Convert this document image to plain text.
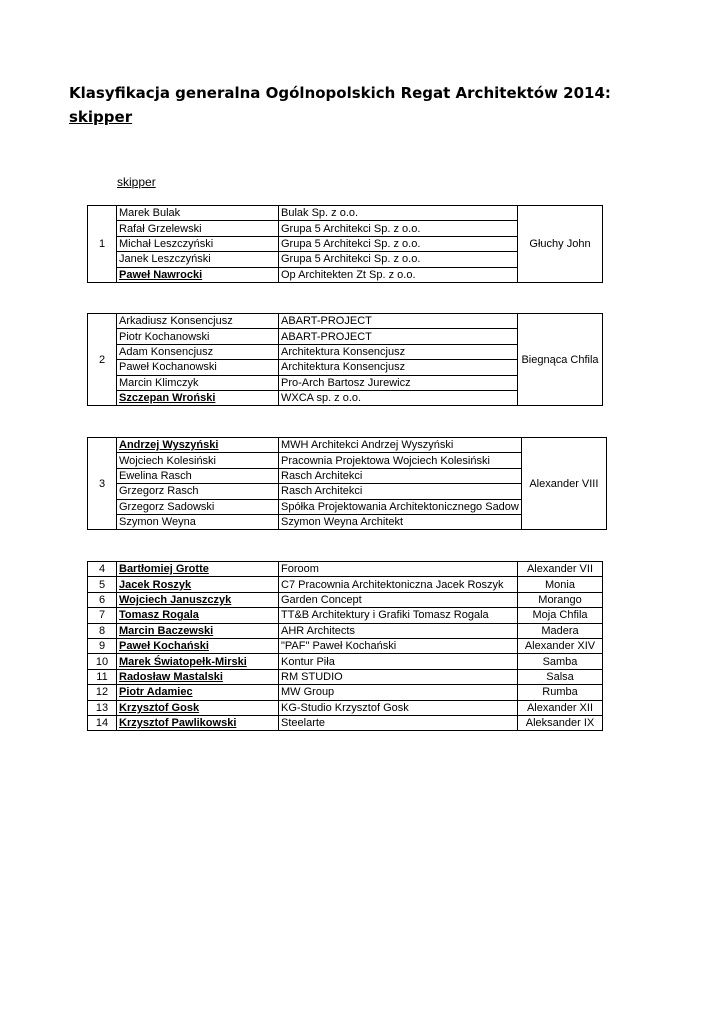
Klasyfikacja generalna Ogólnopolskich Regat Architektów 2014:
skipper
skipper
1	Marek Bulak	Bulak Sp. z o.o.	Głuchy John
	Rafał Grzelewski	Grupa 5 Architekci Sp. z o.o.	
	Michał Leszczyński	Grupa 5 Architekci Sp. z o.o.	
	Janek Leszczyński	Grupa 5 Architekci Sp. z o.o.	
	Paweł Nawrocki	Op Architekten Zt Sp. z o.o.	
2	Arkadiusz Konsencjusz	ABART-PROJECT	Biegnąca Chfila
	Piotr Kochanowski	ABART-PROJECT	
	Adam Konsencjusz	Architektura Konsencjusz	
	Paweł Kochanowski	Architektura Konsencjusz	
	Marcin Klimczyk	Pro-Arch Bartosz Jurewicz	
	Szczepan Wroński	WXCA sp. z o.o.	
3	Andrzej Wyszyński	MWH Architekci Andrzej Wyszyński	Alexander VIII
	Wojciech Kolesiński	Pracownia Projektowa Wojciech Kolesiński	
	Ewelina Rasch	Rasch Architekci	
	Grzegorz Rasch	Rasch Architekci	
	Grzegorz Sadowski	Spółka Projektowania Architektonicznego Sadow	
	Szymon Weyna	Szymon Weyna Architekt	
4	Bartłomiej Grotte	Foroom	Alexander VII
5	Jacek Roszyk	C7 Pracownia Architektoniczna Jacek Roszyk	Monia
6	Wojciech Januszczyk	Garden Concept	Morango
7	Tomasz Rogala	TT&B Architektury i Grafiki Tomasz Rogala	Moja Chfila
8	Marcin Baczewski	AHR Architects	Madera
9	Paweł Kochański	"PAF" Paweł Kochański	Alexander XIV
10	Marek Światopełk-Mirski	Kontur Piła	Samba
11	Radosław Mastalski	RM STUDIO	Salsa
12	Piotr Adamiec	MW Group	Rumba
13	Krzysztof Gosk	KG-Studio Krzysztof Gosk	Alexander XII
14	Krzysztof Pawlikowski	Steelarte	Aleksander IX
